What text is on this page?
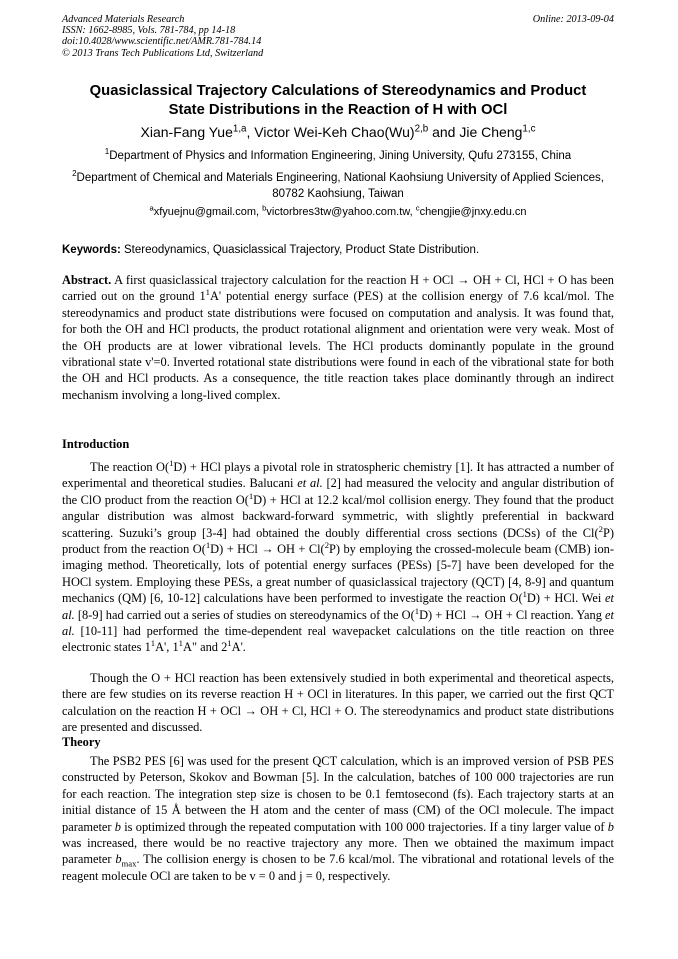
Advanced Materials Research
ISSN: 1662-8985, Vols. 781-784, pp 14-18
doi:10.4028/www.scientific.net/AMR.781-784.14
© 2013 Trans Tech Publications Ltd, Switzerland
Online: 2013-09-04
Quasiclassical Trajectory Calculations of Stereodynamics and Product
State Distributions in the Reaction of H with OCl
Xian-Fang Yue$^{1,a}$, Victor Wei-Keh $Chao(Wu)^{2,b}$ and Jie Cheng$^{1,c}$
$^1$Department of Physics and Information Engineering, Jining University, Qufu 273155, China
$^2$Department of Chemical and Materials Engineering, National Kaohsiung University of Applied Sciences, 80782 Kaohsiung, Taiwan
$^a$xfyuejnu@gmail.com, $^b$victorbres3tw@yahoo.com.tw, $^c$chengjie@jnxy.edu.cn
Keywords: Stereodynamics, Quasiclassical Trajectory, Product State Distribution.
Abstract. A first quasiclassical trajectory calculation for the reaction H + OCl → OH + Cl, HCl + O has been carried out on the ground $1^1A'$ potential energy surface (PES) at the collision energy of 7.6 kcal/mol. The stereodynamics and product state distributions were focused on computation and analysis. It was found that, for both the OH and HCl products, the product rotational alignment and orientation were very weak. Most of the OH products are at lower vibrational levels. The HCl products dominantly populate in the ground vibrational state v'=0. Inverted rotational state distributions were found in each of the vibrational state for both the OH and HCl products. As a consequence, the title reaction takes place dominantly through an indirect mechanism involving a long-lived complex.
Introduction
The reaction O($^1$D) + HCl plays a pivotal role in stratospheric chemistry [1]. It has attracted a number of experimental and theoretical studies. Balucani et al. [2] had measured the velocity and angular distribution of the ClO product from the reaction O($^1$D) + HCl at 12.2 kcal/mol collision energy. They found that the product angular distribution was almost backward-forward symmetric, with slightly preferential in backward scattering. Suzuki’s group [3-4] had obtained the doubly differential cross sections (DCSs) of the Cl($^2$P) product from the reaction O($^1$D) + HCl → OH + Cl($^2$P) by employing the crossed-molecule beam (CMB) ion-imaging method. Theoretically, lots of potential energy surfaces (PESs) [5-7] have been developed for the HOCl system. Employing these PESs, a great number of quasiclassical trajectory (QCT) [4, 8-9] and quantum mechanics (QM) [6, 10-12] calculations have been performed to investigate the reaction O($^1$D) + HCl. Wei et al. [8-9] had carried out a series of studies on stereodynamics of the O($^1$D) + HCl → OH + Cl reaction. Yang et al. [10-11] had performed the time-dependent real wavepacket calculations on the title reaction on three electronic states $1^1A'$, $1^1A$" and $2^1A'$.
Though the O + HCl reaction has been extensively studied in both experimental and theoretical aspects, there are few studies on its reverse reaction H + OCl in literatures. In this paper, we carried out the first QCT calculation on the reaction H + OCl → OH + Cl, HCl + O. The stereodynamics and product state distributions are presented and discussed.
Theory
The PSB2 PES [6] was used for the present QCT calculation, which is an improved version of PSB PES constructed by Peterson, Skokov and Bowman [5]. In the calculation, batches of 100 000 trajectories are run for each reaction. The integration step size is chosen to be 0.1 femtosecond (fs). Each trajectory starts at an initial distance of 15 Å between the H atom and the center of mass (CM) of the OCl molecule. The impact parameter b is optimized through the repeated computation with 100 000 trajectories. If a tiny larger value of b was increased, there would be no reactive trajectory any more. Then we obtained the maximum impact parameter $b_{max}$. The collision energy is chosen to be 7.6 kcal/mol. The vibrational and rotational levels of the reagent molecule OCl are taken to be v = 0 and j = 0, respectively.
